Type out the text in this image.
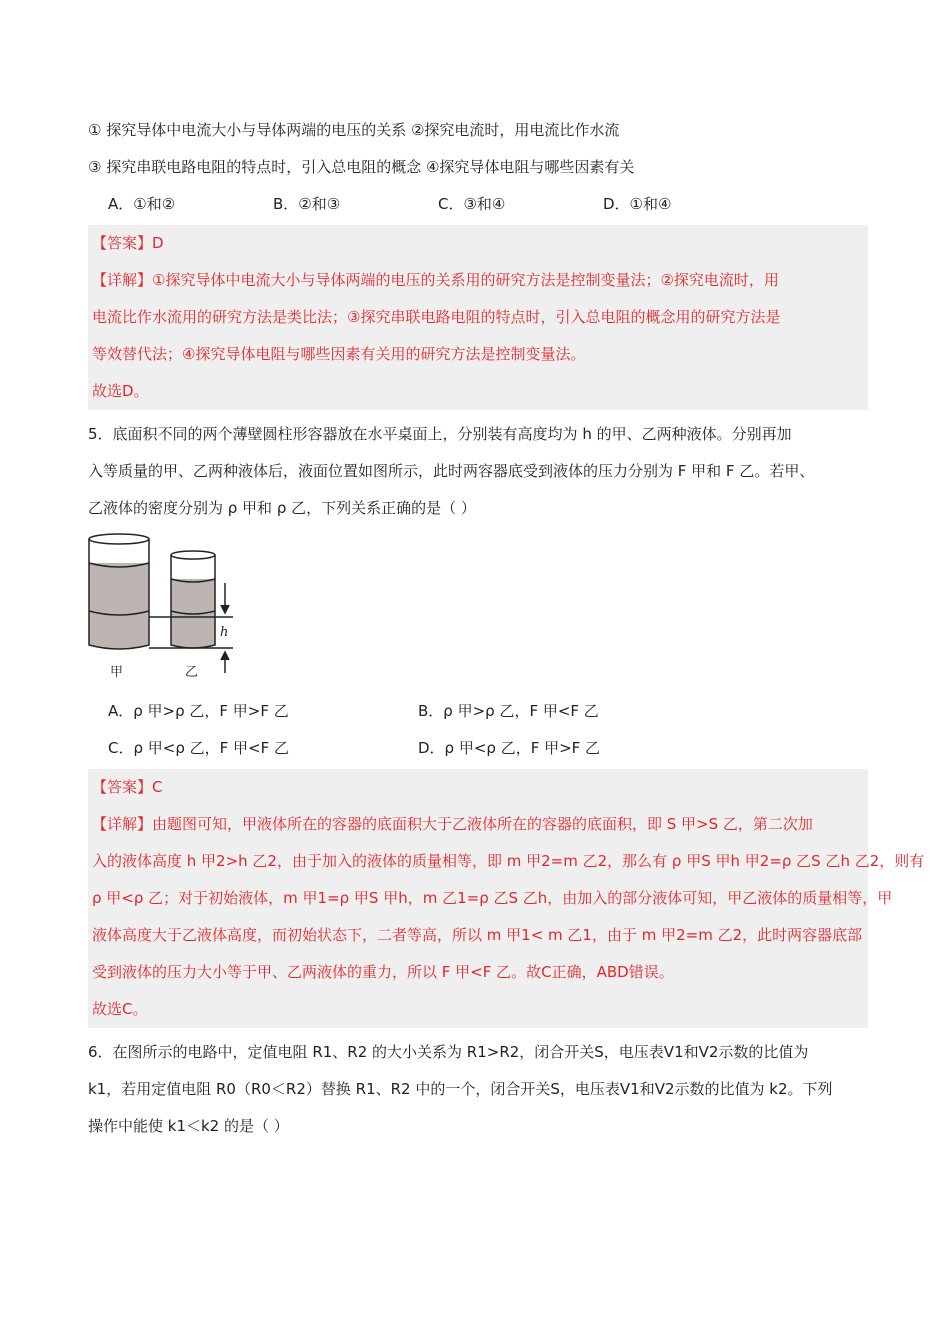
① 探究导体中电流大小与导体两端的电压的关系 ②探究电流时，用电流比作水流
③ 探究串联电路电阻的特点时，引入总电阻的概念 ④探究导体电阻与哪些因素有关
A．①和②	B．②和③	C．③和④	D．①和④
【答案】D
【详解】①探究导体中电流大小与导体两端的电压的关系用的研究方法是控制变量法；②探究电流时，用
电流比作水流用的研究方法是类比法；③探究串联电路电阻的特点时，引入总电阻的概念用的研究方法是
等效替代法；④探究导体电阻与哪些因素有关用的研究方法是控制变量法。
故选D。
5．底面积不同的两个薄壁圆柱形容器放在水平桌面上，分别装有高度均为 h 的甲、乙两种液体。分别再加
入等质量的甲、乙两种液体后，液面位置如图所示，此时两容器底受到液体的压力分别为 F 甲和 F 乙。若甲、
乙液体的密度分别为 ρ 甲和 ρ 乙，下列关系正确的是（ ）
h
甲	乙
A．ρ 甲>ρ 乙，F 甲>F 乙	B．ρ 甲>ρ 乙，F 甲<F 乙
C．ρ 甲<ρ 乙，F 甲<F 乙	D．ρ 甲<ρ 乙，F 甲>F 乙
【答案】C
【详解】由题图可知，甲液体所在的容器的底面积大于乙液体所在的容器的底面积，即 S 甲>S 乙，第二次加
入的液体高度 h 甲2>h 乙2，由于加入的液体的质量相等，即 m 甲2=m 乙2，那么有 ρ 甲S 甲h 甲2=ρ 乙S 乙h 乙2，则有
ρ 甲<ρ 乙；对于初始液体，m 甲1=ρ 甲S 甲h，m 乙1=ρ 乙S 乙h，由加入的部分液体可知，甲乙液体的质量相等，甲
液体高度大于乙液体高度，而初始状态下，二者等高，所以 m 甲1< m 乙1，由于 m 甲2=m 乙2，此时两容器底部
受到液体的压力大小等于甲、乙两液体的重力，所以 F 甲<F 乙。故C正确，ABD错误。
故选C。
6．在图所示的电路中，定值电阻 R1、R2 的大小关系为 R1>R2，闭合开关S，电压表V1和V2示数的比值为
k1，若用定值电阻 R0（R0＜R2）替换 R1、R2 中的一个，闭合开关S，电压表V1和V2示数的比值为 k2。下列
操作中能使 k1＜k2 的是（ ）
